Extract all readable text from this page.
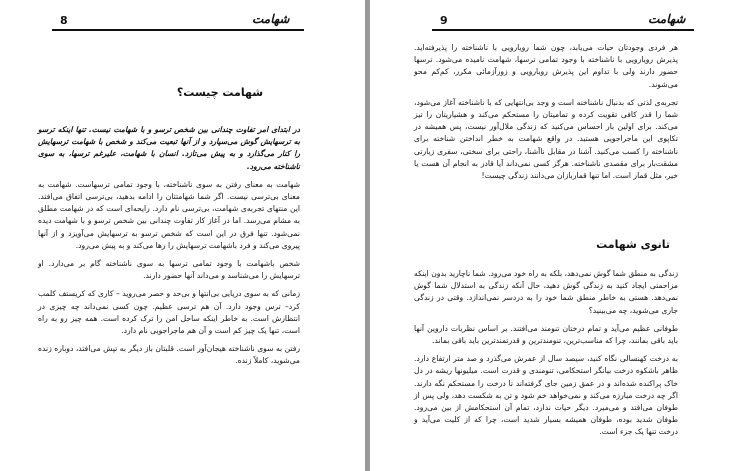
8	شهامت
شهامت چیست؟

در ابتدای امر تفاوت چندانی بین شخص ترسو و با شهامت نیست. تنها اینکه ترسو به ترسهایش گوش می‌سپارد و از آنها تبعیت می‌کند و شخص با شهامت ترسهایش را کنار می‌گذارد و به پیش می‌تازد. انسان با شهامت، علیرغم ترسها، به سوی ناشناخته می‌رود.

شهامت به معنای رفتن به سوی ناشناخته، با وجود تمامی ترسهاست. شهامت به معنای بی‌ترسی نیست. اگر شما شهامتتان را ادامه بدهید، بی‌ترسی اتفاق می‌افتد. این منتهای تجربه‌ی شهامت، بی‌ترسی نام دارد. رایحه‌ای است که در شهامت مطلق به مشام می‌رسد. اما در آغاز کار تفاوت چندانی بین شخص ترسو و با شهامت دیده نمی‌شود. تنها فرق در این است که شخص ترسو به ترسهایش می‌آویزد و از آنها پیروی می‌کند و فرد باشهامت ترسهایش را رها می‌کند و به پیش می‌رود.

شخص باشهامت با وجود تمامی ترسها به سوی ناشناخته گام بر می‌دارد. او ترسهایش را می‌شناسد و می‌داند آنها حضور دارند.

زمانی که به سوی دریایی بی‌انتها و بی‌حد و حصر می‌روید – کاری که کریستف کلمب کرد– ترس وجود دارد. آن هم ترسی عظیم. چون کسی نمی‌داند چه چیزی در انتظارش است. به خاطر اینکه ساحل امن را ترک کرده است. همه چیز رو به راه است، تنها یک چیز کم است و آن هم ماجراجویی نام دارد.

رفتن به سوی ناشناخته هیجان‌آور است. قلبتان باز دیگر به تپش می‌افتد، دوباره زنده می‌شوید، کاملاً زنده.

شهامت
9

هر فردی وجودتان حیات می‌یابد، چون شما رویارویی با ناشناخته را پذیرفته‌اید. پذیرش رویارویی با ناشناخته با وجود تمامی ترسها، شهامت نامیده می‌شود. ترسها حضور دارند ولی با تداوم این پذیرش رویارویی و زورآزمائی مکرر، کم‌کم محو می‌شوند.

تجربه‌ی لذتی که بدنبال ناشناخته است و وجد بی‌انتهایی که با ناشناخته آغاز می‌شود، شما را قدر کافی تقویت کرده و تمامیتان را مستحکم می‌کند و هشیاریتان را تیز می‌کند. برای اولین بار احساس می‌کنید که زندگی ملال‌آور نیست، پس همیشه در تکاپوی این ماجراجویی هستید. در واقع شهامت به خطر انداختن شناخته برای ناشناخته را کسب می‌کنید. آشنا در مقابل ناآشنا، راحتی برای سختی، سفری زیارتی مشقت‌بار برای مقصدی ناشناخته. هرگز کسی نمی‌داند آیا قادر به انجام آن هست یا خیر، مثل قمار است. اما تنها قماربازان می‌دانند زندگی چیست!

تانوی شهامت

زندگی به منطق شما گوش نمی‌دهد، بلکه به راه خود می‌رود. شما ناچارید بدون اینکه مزاحمتی ایجاد کنید به زندگی گوش دهید، حال آنکه زندگی به استدلال شما گوش نمی‌دهد. هستی به خاطر منطق شما خود را به دردسر نمی‌اندازد. وقتی در زندگی جاری می‌شوید، چه می‌بینید؟

طوفانی عظیم می‌آید و تمام درختان تنومند می‌افتند. بر اساس نظریات داروین آنها باید باقی بمانند، چرا که مناسب‌ترین، تنومندترین و قدرتمندترین باید باقی بماند.

به درخت کهنسالی نگاه کنید، سیصد سال از عمرش می‌گذرد و صد متر ارتفاع دارد. ظاهر باشکوه درخت بیانگر استحکامی، تنومندی و قدرت است. میلیونها ریشه در دل خاک پراکنده شده‌اند و در عمق زمین جای گرفته‌اند تا درخت را مستحکم نگه دارند. اگر چه درخت مبارزه می‌کند و نمی‌خواهد خم شود و تن به شکست دهد، ولی پس از طوفان می‌افتد و می‌میرد. دیگر حیات ندارد، تمام آن استحکامش از بین می‌رود. طوفان شدید بوده، طوفان همیشه بسیار شدید است، چرا که از کلیت می‌آید و درخت تنها یک جزء است.
